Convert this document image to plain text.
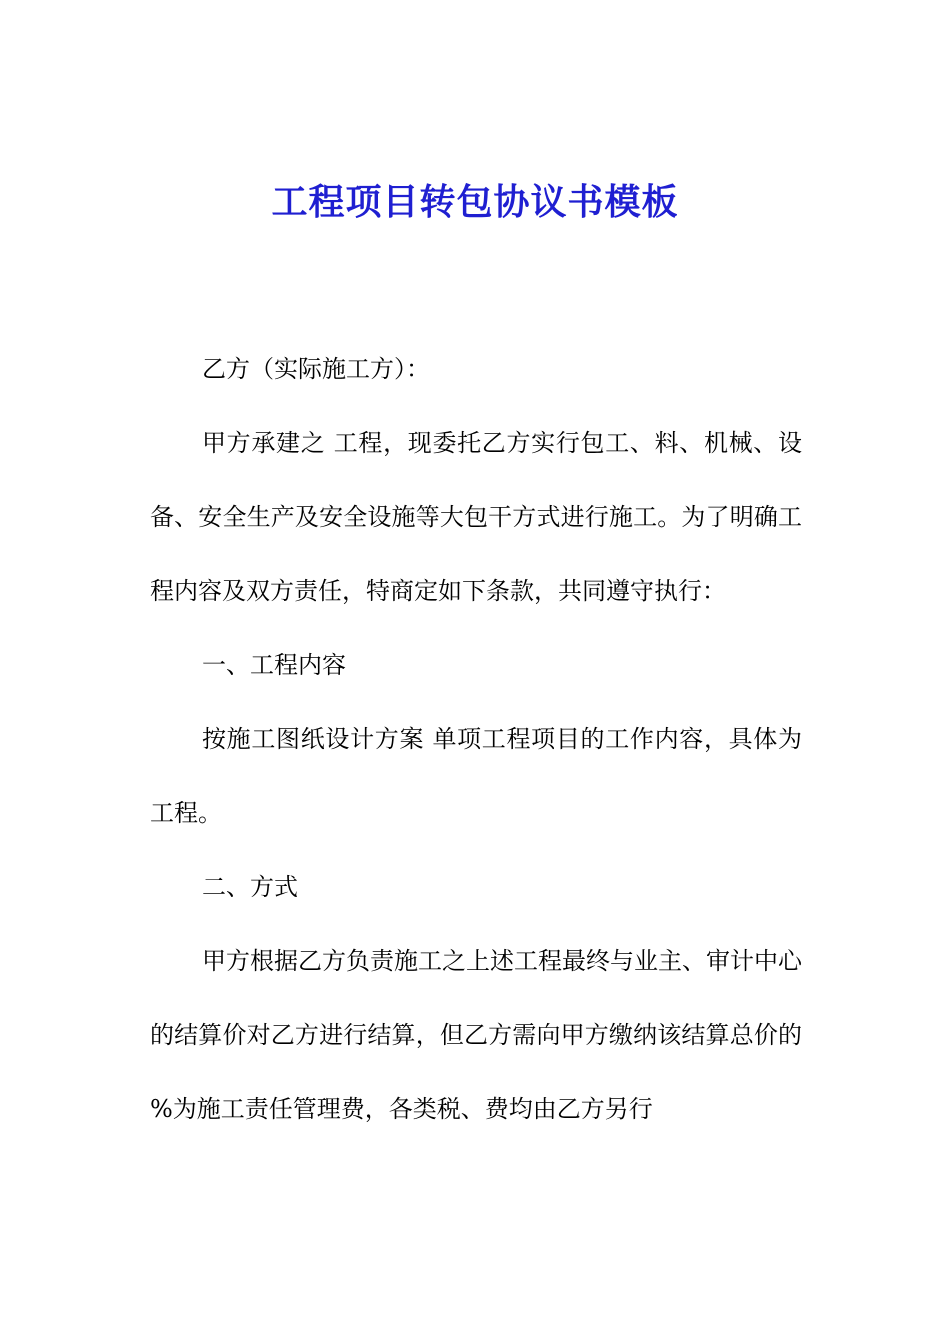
工程项目转包协议书模板

乙方（实际施工方）：

甲方承建之 工程，现委托乙方实行包工、料、机械、设备、安全生产及安全设施等大包干方式进行施工。为了明确工程内容及双方责任，特商定如下条款，共同遵守执行：

一、工程内容

按施工图纸设计方案 单项工程项目的工作内容，具体为 工程。

二、方式

甲方根据乙方负责施工之上述工程最终与业主、审计中心的结算价对乙方进行结算，但乙方需向甲方缴纳该结算总价的 %为施工责任管理费，各类税、费均由乙方另行
